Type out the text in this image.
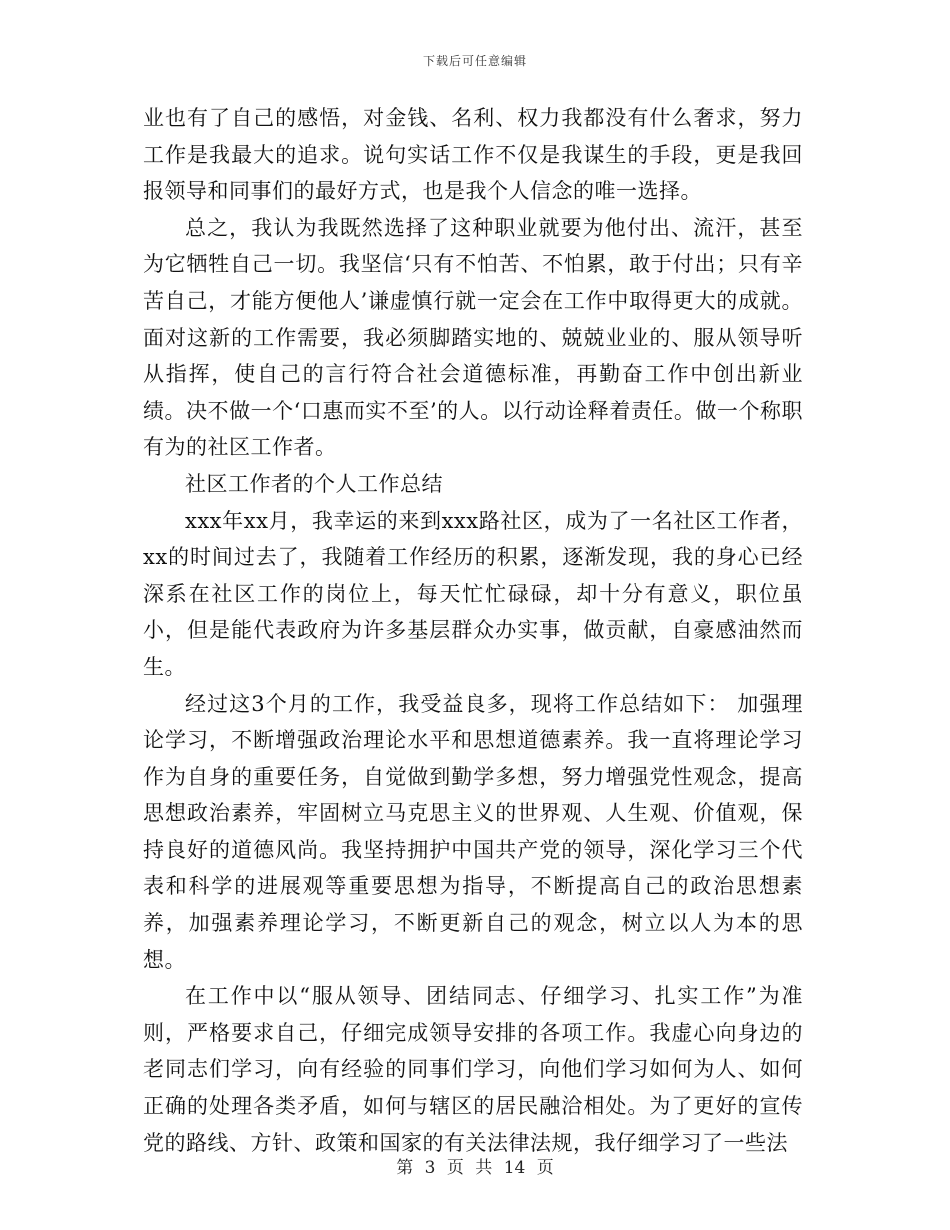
下载后可任意编辑

业也有了自己的感悟，对金钱、名利、权力我都没有什么奢求，努力工作是我最大的追求。说句实话工作不仅是我谋生的手段，更是我回报领导和同事们的最好方式，也是我个人信念的唯一选择。

总之，我认为我既然选择了这种职业就要为他付出、流汗，甚至为它牺牲自己一切。我坚信‘只有不怕苦、不怕累，敢于付出；只有辛苦自己，才能方便他人’谦虚慎行就一定会在工作中取得更大的成就。面对这新的工作需要，我必须脚踏实地的、兢兢业业的、服从领导听从指挥，使自己的言行符合社会道德标准，再勤奋工作中创出新业绩。决不做一个‘口惠而实不至’的人。以行动诠释着责任。做一个称职有为的社区工作者。

社区工作者的个人工作总结

xxx年xx月，我幸运的来到xxx路社区，成为了一名社区工作者，xx的时间过去了，我随着工作经历的积累，逐渐发现，我的身心已经深系在社区工作的岗位上，每天忙忙碌碌，却十分有意义，职位虽小，但是能代表政府为许多基层群众办实事，做贡献，自豪感油然而生。

经过这3个月的工作，我受益良多，现将工作总结如下： 加强理论学习，不断增强政治理论水平和思想道德素养。我一直将理论学习作为自身的重要任务，自觉做到勤学多想，努力增强党性观念，提高思想政治素养，牢固树立马克思主义的世界观、人生观、价值观，保持良好的道德风尚。我坚持拥护中国共产党的领导，深化学习三个代表和科学的进展观等重要思想为指导，不断提高自己的政治思想素养，加强素养理论学习，不断更新自己的观念，树立以人为本的思想。

在工作中以“服从领导、团结同志、仔细学习、扎实工作”为准则，严格要求自己，仔细完成领导安排的各项工作。我虚心向身边的老同志们学习，向有经验的同事们学习，向他们学习如何为人、如何正确的处理各类矛盾，如何与辖区的居民融洽相处。为了更好的宣传党的路线、方针、政策和国家的有关法律法规，我仔细学习了一些法

第 3 页 共 14 页
